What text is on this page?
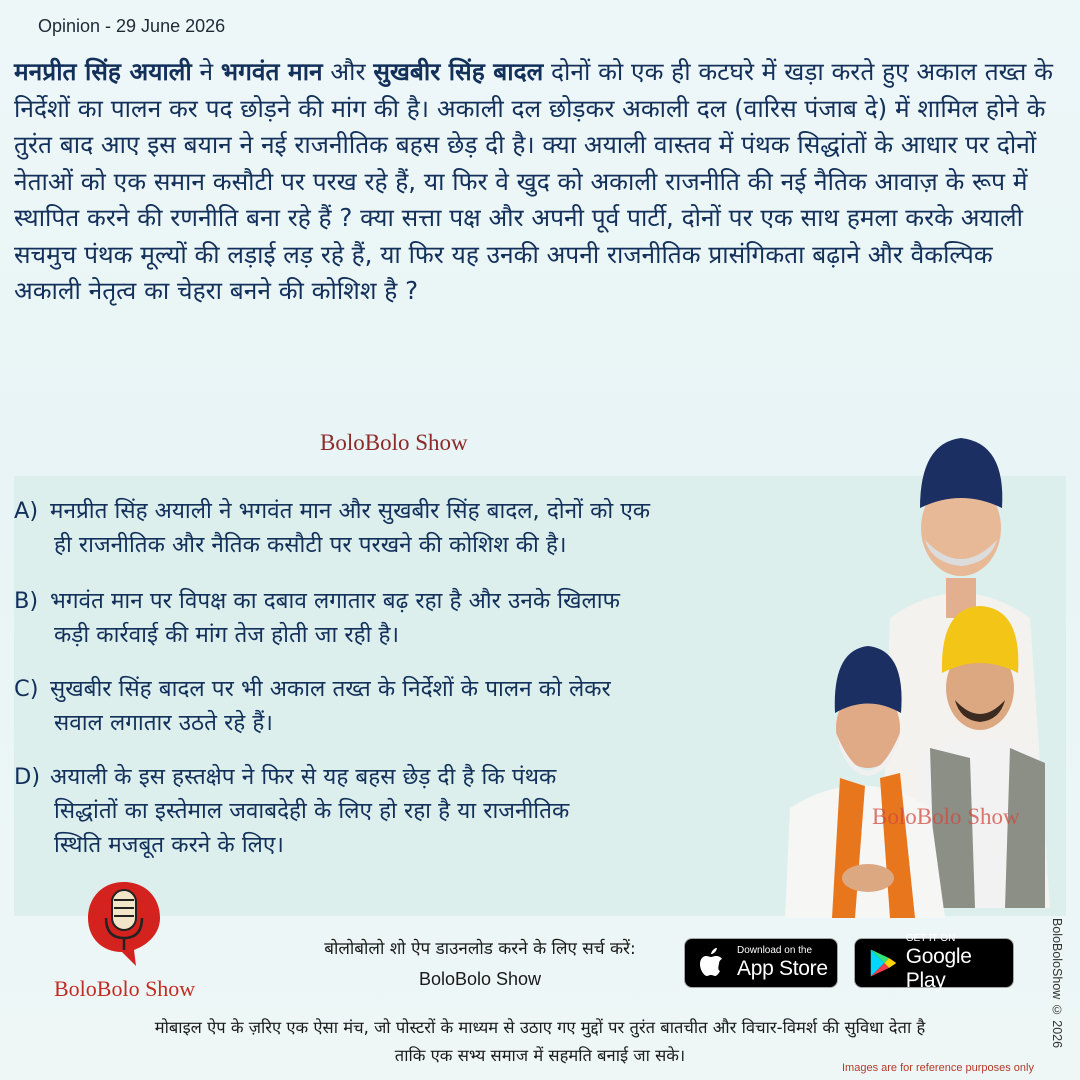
Opinion - 29 June 2026
मनप्रीत सिंह अयाली ने भगवंत मान और सुखबीर सिंह बादल दोनों को एक ही कटघरे में खड़ा करते हुए अकाल तख्त के निर्देशों का पालन कर पद छोड़ने की मांग की है। अकाली दल छोड़कर अकाली दल (वारिस पंजाब दे) में शामिल होने के तुरंत बाद आए इस बयान ने नई राजनीतिक बहस छेड़ दी है। क्या अयाली वास्तव में पंथक सिद्धांतों के आधार पर दोनों नेताओं को एक समान कसौटी पर परख रहे हैं, या फिर वे खुद को अकाली राजनीति की नई नैतिक आवाज़ के रूप में स्थापित करने की रणनीति बना रहे हैं ? क्या सत्ता पक्ष और अपनी पूर्व पार्टी, दोनों पर एक साथ हमला करके अयाली सचमुच पंथक मूल्यों की लड़ाई लड़ रहे हैं, या फिर यह उनकी अपनी राजनीतिक प्रासंगिकता बढ़ाने और वैकल्पिक अकाली नेतृत्व का चेहरा बनने की कोशिश है ?
BoloBolo Show
A) मनप्रीत सिंह अयाली ने भगवंत मान और सुखबीर सिंह बादल, दोनों को एक
ही राजनीतिक और नैतिक कसौटी पर परखने की कोशिश की है।
B) भगवंत मान पर विपक्ष का दबाव लगातार बढ़ रहा है और उनके खिलाफ
कड़ी कार्रवाई की मांग तेज होती जा रही है।
C) सुखबीर सिंह बादल पर भी अकाल तख्त के निर्देशों के पालन को लेकर
सवाल लगातार उठते रहे हैं।
D) अयाली के इस हस्तक्षेप ने फिर से यह बहस छेड़ दी है कि पंथक
सिद्धांतों का इस्तेमाल जवाबदेही के लिए हो रहा है या राजनीतिक
स्थिति मजबूत करने के लिए।
BoloBolo Show
BoloBolo Show
बोलोबोलो शो ऐप डाउनलोड करने के लिए सर्च करें:
BoloBolo Show
Download on the
App Store
GET IT ON
Google Play
मोबाइल ऐप के ज़रिए एक ऐसा मंच, जो पोस्टरों के माध्यम से उठाए गए मुद्दों पर तुरंत बातचीत और विचार-विमर्श की सुविधा देता है
ताकि एक सभ्य समाज में सहमति बनाई जा सके।
BoloBoloShow © 2026
Images are for reference purposes only
